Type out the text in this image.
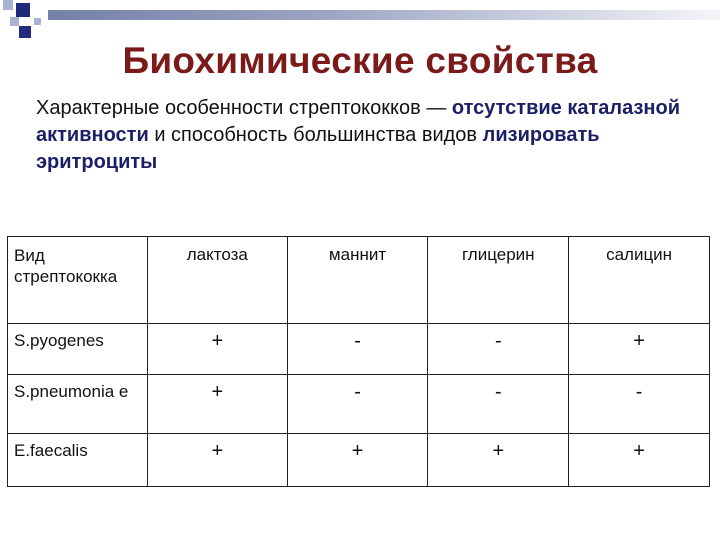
Биохимические свойства
Характерные особенности стрептококков — отсутствие каталазной активности и способность большинства видов лизировать эритроциты
Вид стрептококка	лактоза	маннит	глицерин	салицин
S.pyogenes	+	-	-	+
S.pneumonia e	+	-	-	-
E.faecalis	+	+	+	+
